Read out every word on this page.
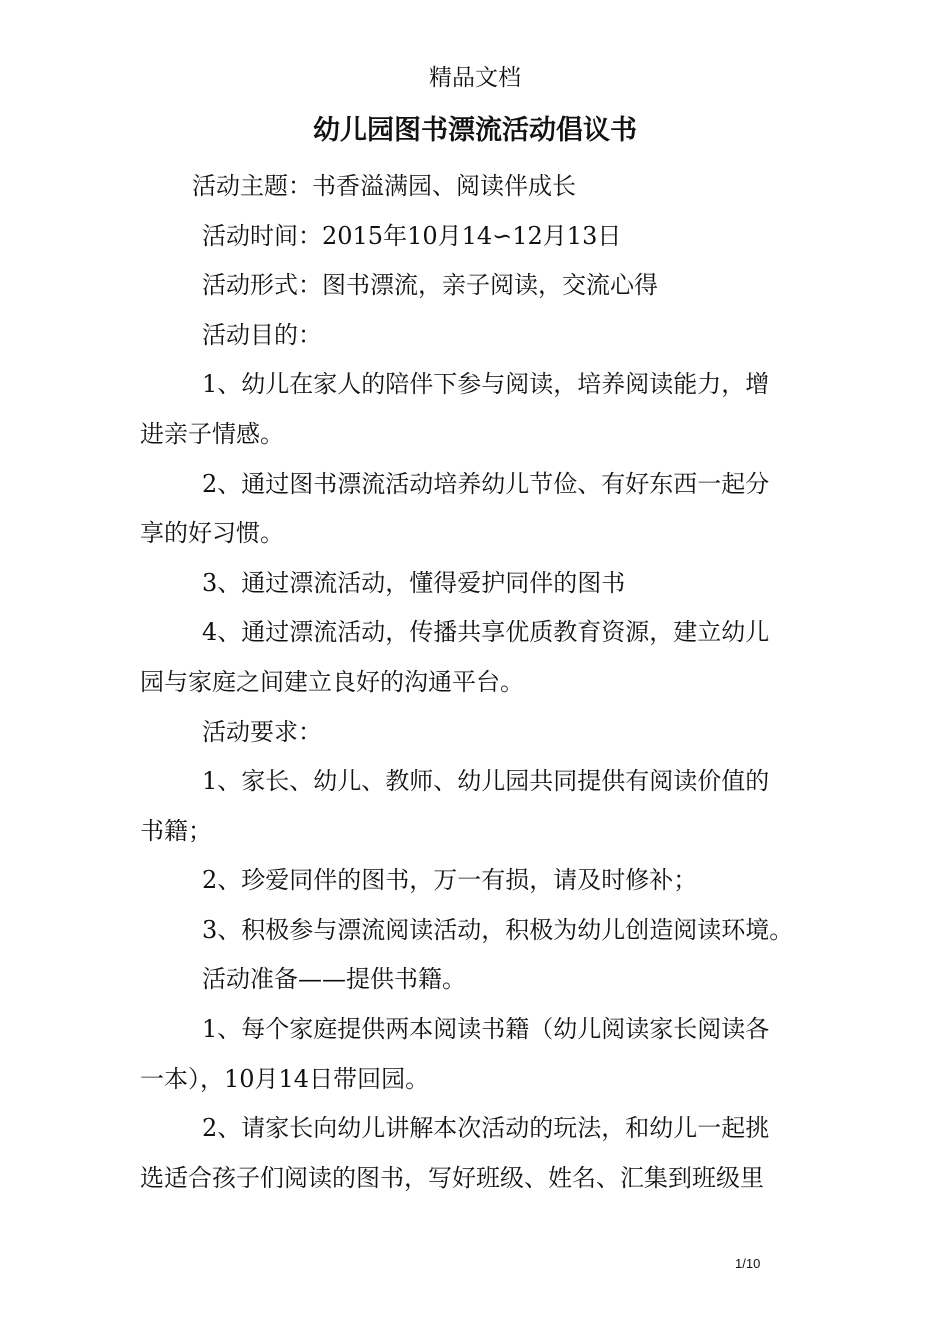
精品文档
幼儿园图书漂流活动倡议书
活动主题：书香溢满园、阅读伴成长
活动时间：2015年10月14∽12月13日
活动形式：图书漂流，亲子阅读，交流心得
活动目的：
1、幼儿在家人的陪伴下参与阅读，培养阅读能力，增
进亲子情感。
2、通过图书漂流活动培养幼儿节俭、有好东西一起分
享的好习惯。
3、通过漂流活动，懂得爱护同伴的图书
4、通过漂流活动，传播共享优质教育资源，建立幼儿
园与家庭之间建立良好的沟通平台。
活动要求：
1、家长、幼儿、教师、幼儿园共同提供有阅读价值的
书籍；
2、珍爱同伴的图书，万一有损，请及时修补；
3、积极参与漂流阅读活动，积极为幼儿创造阅读环境。
活动准备——提供书籍。
1、每个家庭提供两本阅读书籍（幼儿阅读家长阅读各
一本），10月14日带回园。
2、请家长向幼儿讲解本次活动的玩法，和幼儿一起挑
选适合孩子们阅读的图书，写好班级、姓名、汇集到班级里
1/10
